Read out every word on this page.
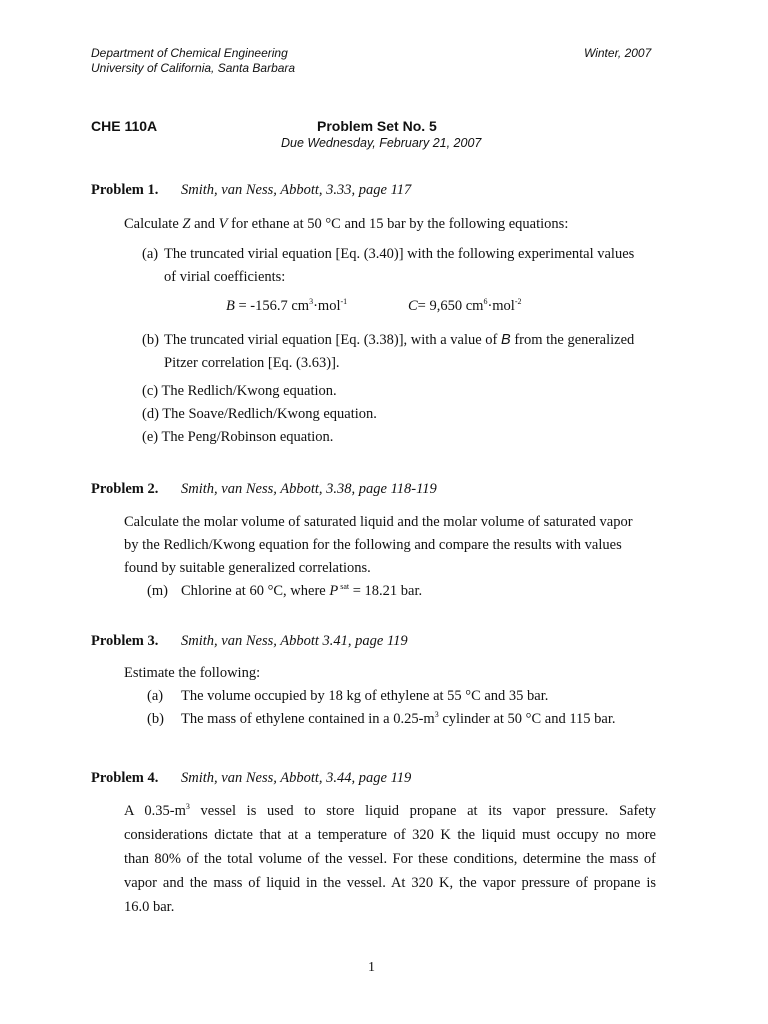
Department of Chemical Engineering
University of California, Santa Barbara
Winter, 2007
CHE 110A	Problem Set No. 5
Due Wednesday, February 21, 2007
Problem 1. Smith, van Ness, Abbott, 3.33, page 117
Calculate Z and V for ethane at 50 °C and 15 bar by the following equations:
(a) The truncated virial equation [Eq. (3.40)] with the following experimental values
of virial coefficients:
B = -156.7 $cm^3\cdot mol^{-1}$	C= 9,650 $cm^6\cdot mol^{-2}$
(b) The truncated virial equation [Eq. (3.38)], with a value of B from the generalized
Pitzer correlation [Eq. (3.63)].
(c) The Redlich/Kwong equation.
(d) The Soave/Redlich/Kwong equation.
(e) The Peng/Robinson equation.
Problem 2. Smith, van Ness, Abbott, 3.38, page 118-119
Calculate the molar volume of saturated liquid and the molar volume of saturated vapor
by the Redlich/Kwong equation for the following and compare the results with values
found by suitable generalized correlations.
(m) Chlorine at 60 °C, where P $^{sat}$ = 18.21 bar.
Problem 3. Smith, van Ness, Abbott 3.41, page 119
Estimate the following:
(a) The volume occupied by 18 kg of ethylene at 55 °C and 35 bar.
(b) The mass of ethylene contained in a $0.25-m^3$ cylinder at 50 °C and 115 bar.
Problem 4. Smith, van Ness, Abbott, 3.44, page 119
A $0.35-m^3$ vessel is used to store liquid propane at its vapor pressure. Safety
considerations dictate that at a temperature of 320 K the liquid must occupy no more
than 80% of the total volume of the vessel. For these conditions, determine the mass of
vapor and the mass of liquid in the vessel. At 320 K, the vapor pressure of propane is
16.0 bar.
1
